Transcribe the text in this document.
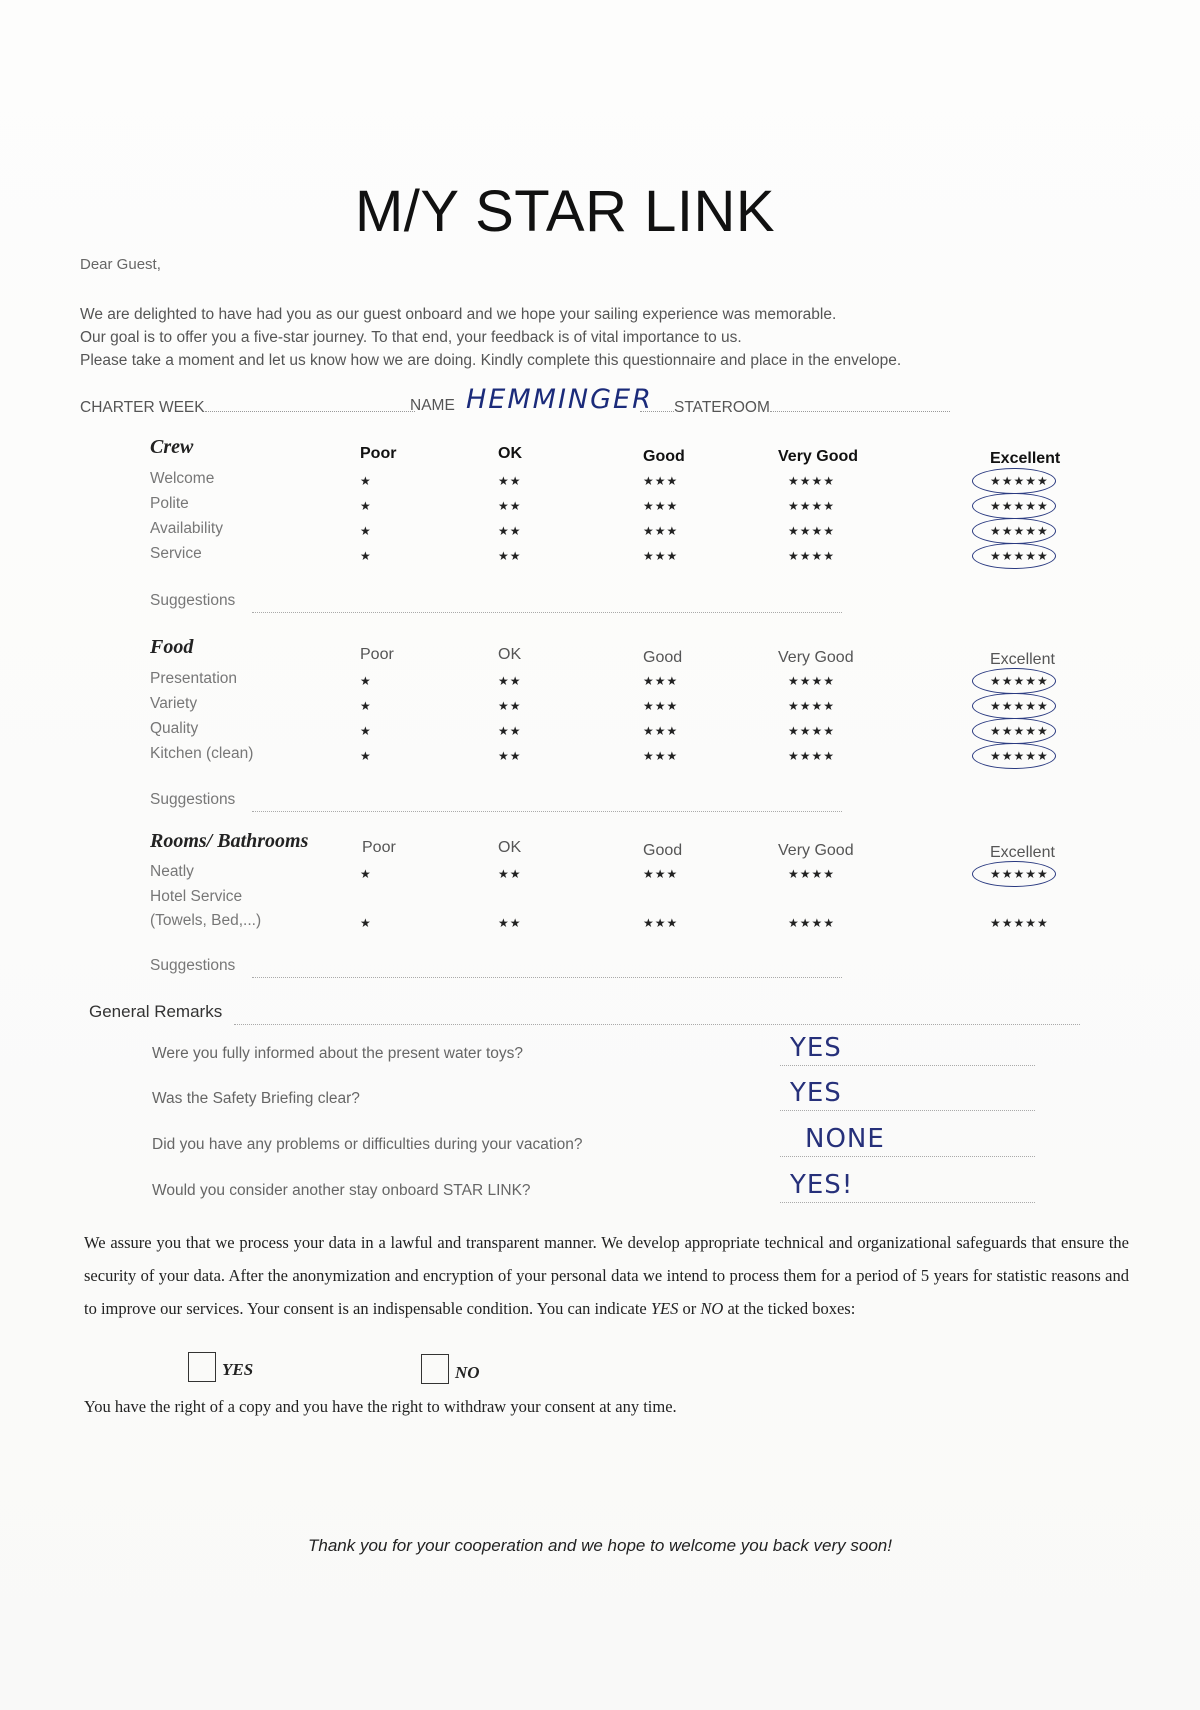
M/Y STAR LINK
Dear Guest,
We are delighted to have had you as our guest onboard and we hope your sailing experience was memorable.
Our goal is to offer you a five-star journey. To that end, your feedback is of vital importance to us.
Please take a moment and let us know how we are doing. Kindly complete this questionnaire and place in the envelope.
CHARTER WEEK	NAME HEMMINGER	STATEROOM
Crew	Poor	OK	Good	Very Good	Excellent
Welcome	★	★★	★★★	★★★★	★★★★★
Polite	★	★★	★★★	★★★★	★★★★★
Availability	★	★★	★★★	★★★★	★★★★★
Service	★	★★	★★★	★★★★	★★★★★
Suggestions
Food	Poor	OK	Good	Very Good	Excellent
Presentation	★	★★	★★★	★★★★	★★★★★
Variety	★	★★	★★★	★★★★	★★★★★
Quality	★	★★	★★★	★★★★	★★★★★
Kitchen (clean)	★	★★	★★★	★★★★	★★★★★
Suggestions
Rooms/ Bathrooms	Poor	OK	Good	Very Good	Excellent
Neatly	★	★★	★★★	★★★★	★★★★★
Hotel Service
(Towels, Bed,...)	★	★★	★★★	★★★★	★★★★★
Suggestions
General Remarks
Were you fully informed about the present water toys?	YES
Was the Safety Briefing clear?	YES
Did you have any problems or difficulties during your vacation?	NONE
Would you consider another stay onboard STAR LINK?	YES!
We assure you that we process your data in a lawful and transparent manner. We develop appropriate technical and organizational safeguards that ensure the security of your data. After the anonymization and encryption of your personal data we intend to process them for a period of 5 years for statistic reasons and to improve our services. Your consent is an indispensable condition. You can indicate YES or NO at the ticked boxes:
YES	NO
You have the right of a copy and you have the right to withdraw your consent at any time.
Thank you for your cooperation and we hope to welcome you back very soon!
